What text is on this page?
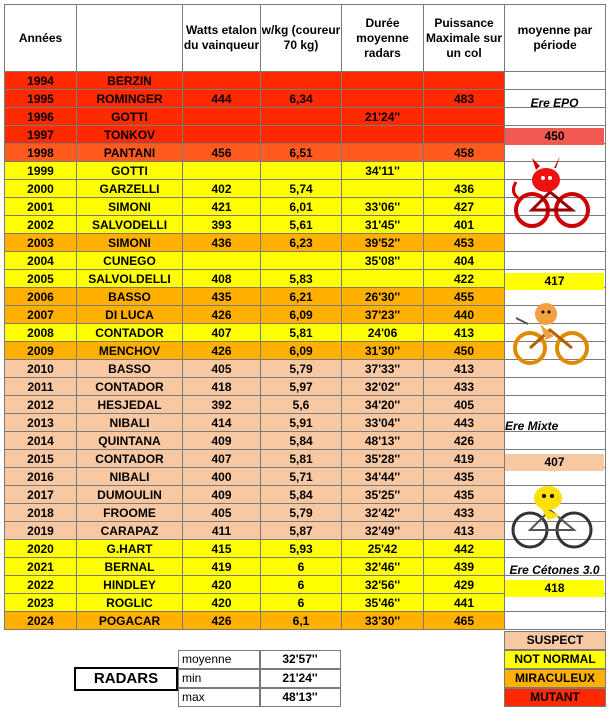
Années	TOUR ITALIE	Watts etalon du vainqueur	w/kg (coureur 70 kg)	Durée moyenne radars	Puissance Maximale sur un col	moyenne par période
1994	BERZIN					
1995	ROMINGER	444	6,34		483	
1996	GOTTI			21'24''		
1997	TONKOV					
1998	PANTANI	456	6,51		458	
1999	GOTTI			34'11''		
2000	GARZELLI	402	5,74		436	
2001	SIMONI	421	6,01	33'06''	427	
2002	SALVODELLI	393	5,61	31'45''	401	
2003	SIMONI	436	6,23	39'52''	453	
2004	CUNEGO			35'08''	404	
2005	SALVOLDELLI	408	5,83		422	
2006	BASSO	435	6,21	26'30''	455	
2007	DI LUCA	426	6,09	37'23''	440	
2008	CONTADOR	407	5,81	24'06	413	
2009	MENCHOV	426	6,09	31'30''	450	
2010	BASSO	405	5,79	37'33''	413	
2011	CONTADOR	418	5,97	32'02''	433	
2012	HESJEDAL	392	5,6	34'20''	405	
2013	NIBALI	414	5,91	33'04''	443	
2014	QUINTANA	409	5,84	48'13''	426	
2015	CONTADOR	407	5,81	35'28''	419	
2016	NIBALI	400	5,71	34'44''	435	
2017	DUMOULIN	409	5,84	35'25''	435	
2018	FROOME	405	5,79	32'42''	433	
2019	CARAPAZ	411	5,87	32'49''	413	
2020	G.HART	415	5,93	25'42	442	
2021	BERNAL	419	6	32'46''	439	
2022	HINDLEY	420	6	32'56''	429	
2023	ROGLIC	420	6	35'46''	441	
2024	POGACAR	426	6,1	33'30''	465	
Ere EPO
450
417
Ere Mixte
407
Ere Cétones 3.0
418
RADARS
moyenne	32'57''
min	21'24''
max	48'13''
SUSPECT
NOT NORMAL
MIRACULEUX
MUTANT
